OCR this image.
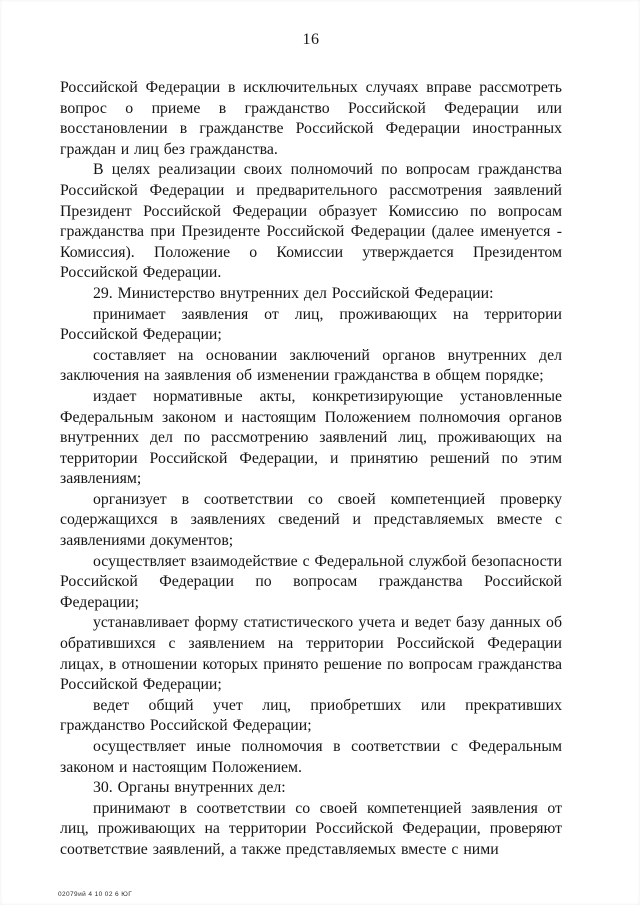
16

Российской Федерации в исключительных случаях вправе рассмотреть вопрос о приеме в гражданство Российской Федерации или восстановлении в гражданстве Российской Федерации иностранных граждан и лиц без гражданства.

В целях реализации своих полномочий по вопросам гражданства Российской Федерации и предварительного рассмотрения заявлений Президент Российской Федерации образует Комиссию по вопросам гражданства при Президенте Российской Федерации (далее именуется - Комиссия). Положение о Комиссии утверждается Президентом Российской Федерации.

29. Министерство внутренних дел Российской Федерации:

принимает заявления от лиц, проживающих на территории Российской Федерации;

составляет на основании заключений органов внутренних дел заключения на заявления об изменении гражданства в общем порядке;

издает нормативные акты, конкретизирующие установленные Федеральным законом и настоящим Положением полномочия органов внутренних дел по рассмотрению заявлений лиц, проживающих на территории Российской Федерации, и принятию решений по этим заявлениям;

организует в соответствии со своей компетенцией проверку содержащихся в заявлениях сведений и представляемых вместе с заявлениями документов;

осуществляет взаимодействие с Федеральной службой безопасности Российской Федерации по вопросам гражданства Российской Федерации;

устанавливает форму статистического учета и ведет базу данных об обратившихся с заявлением на территории Российской Федерации лицах, в отношении которых принято решение по вопросам гражданства Российской Федерации;

ведет общий учет лиц, приобретших или прекративших гражданство Российской Федерации;

осуществляет иные полномочия в соответствии с Федеральным законом и настоящим Положением.

30. Органы внутренних дел:

принимают в соответствии со своей компетенцией заявления от лиц, проживающих на территории Российской Федерации, проверяют соответствие заявлений, а также представляемых вместе с ними

02079ий 4 10 02 6 ЮГ
